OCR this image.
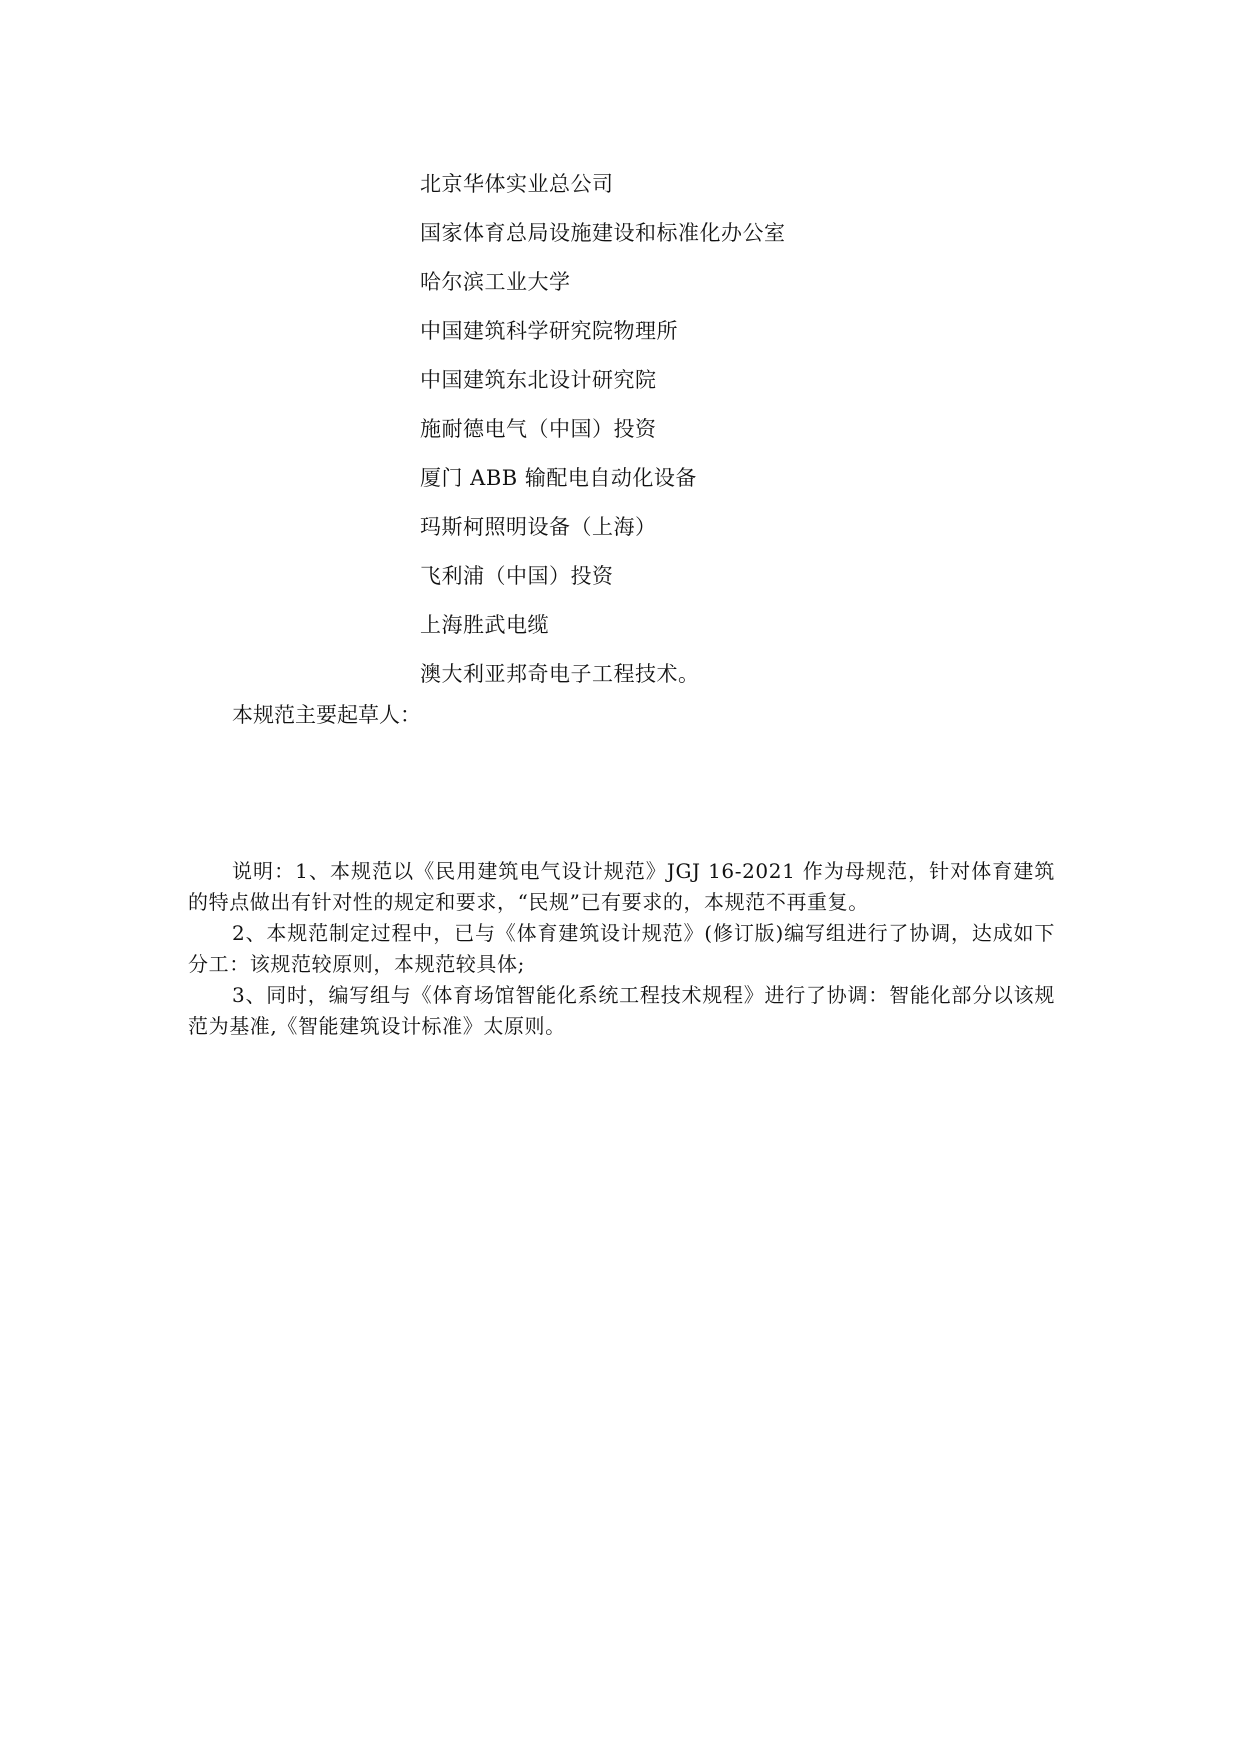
北京华体实业总公司
国家体育总局设施建设和标准化办公室
哈尔滨工业大学
中国建筑科学研究院物理所
中国建筑东北设计研究院
施耐德电气（中国）投资
厦门 ABB 输配电自动化设备
玛斯柯照明设备（上海）
飞利浦（中国）投资
上海胜武电缆
澳大利亚邦奇电子工程技术。
本规范主要起草人：

说明：1、本规范以《民用建筑电气设计规范》JGJ 16-2021 作为母规范，针对体育建筑的特点做出有针对性的规定和要求，“民规”已有要求的，本规范不再重复。

2、本规范制定过程中，已与《体育建筑设计规范》(修订版)编写组进行了协调，达成如下分工：该规范较原则，本规范较具体;

3、同时，编写组与《体育场馆智能化系统工程技术规程》进行了协调：智能化部分以该规范为基准,《智能建筑设计标准》太原则。
